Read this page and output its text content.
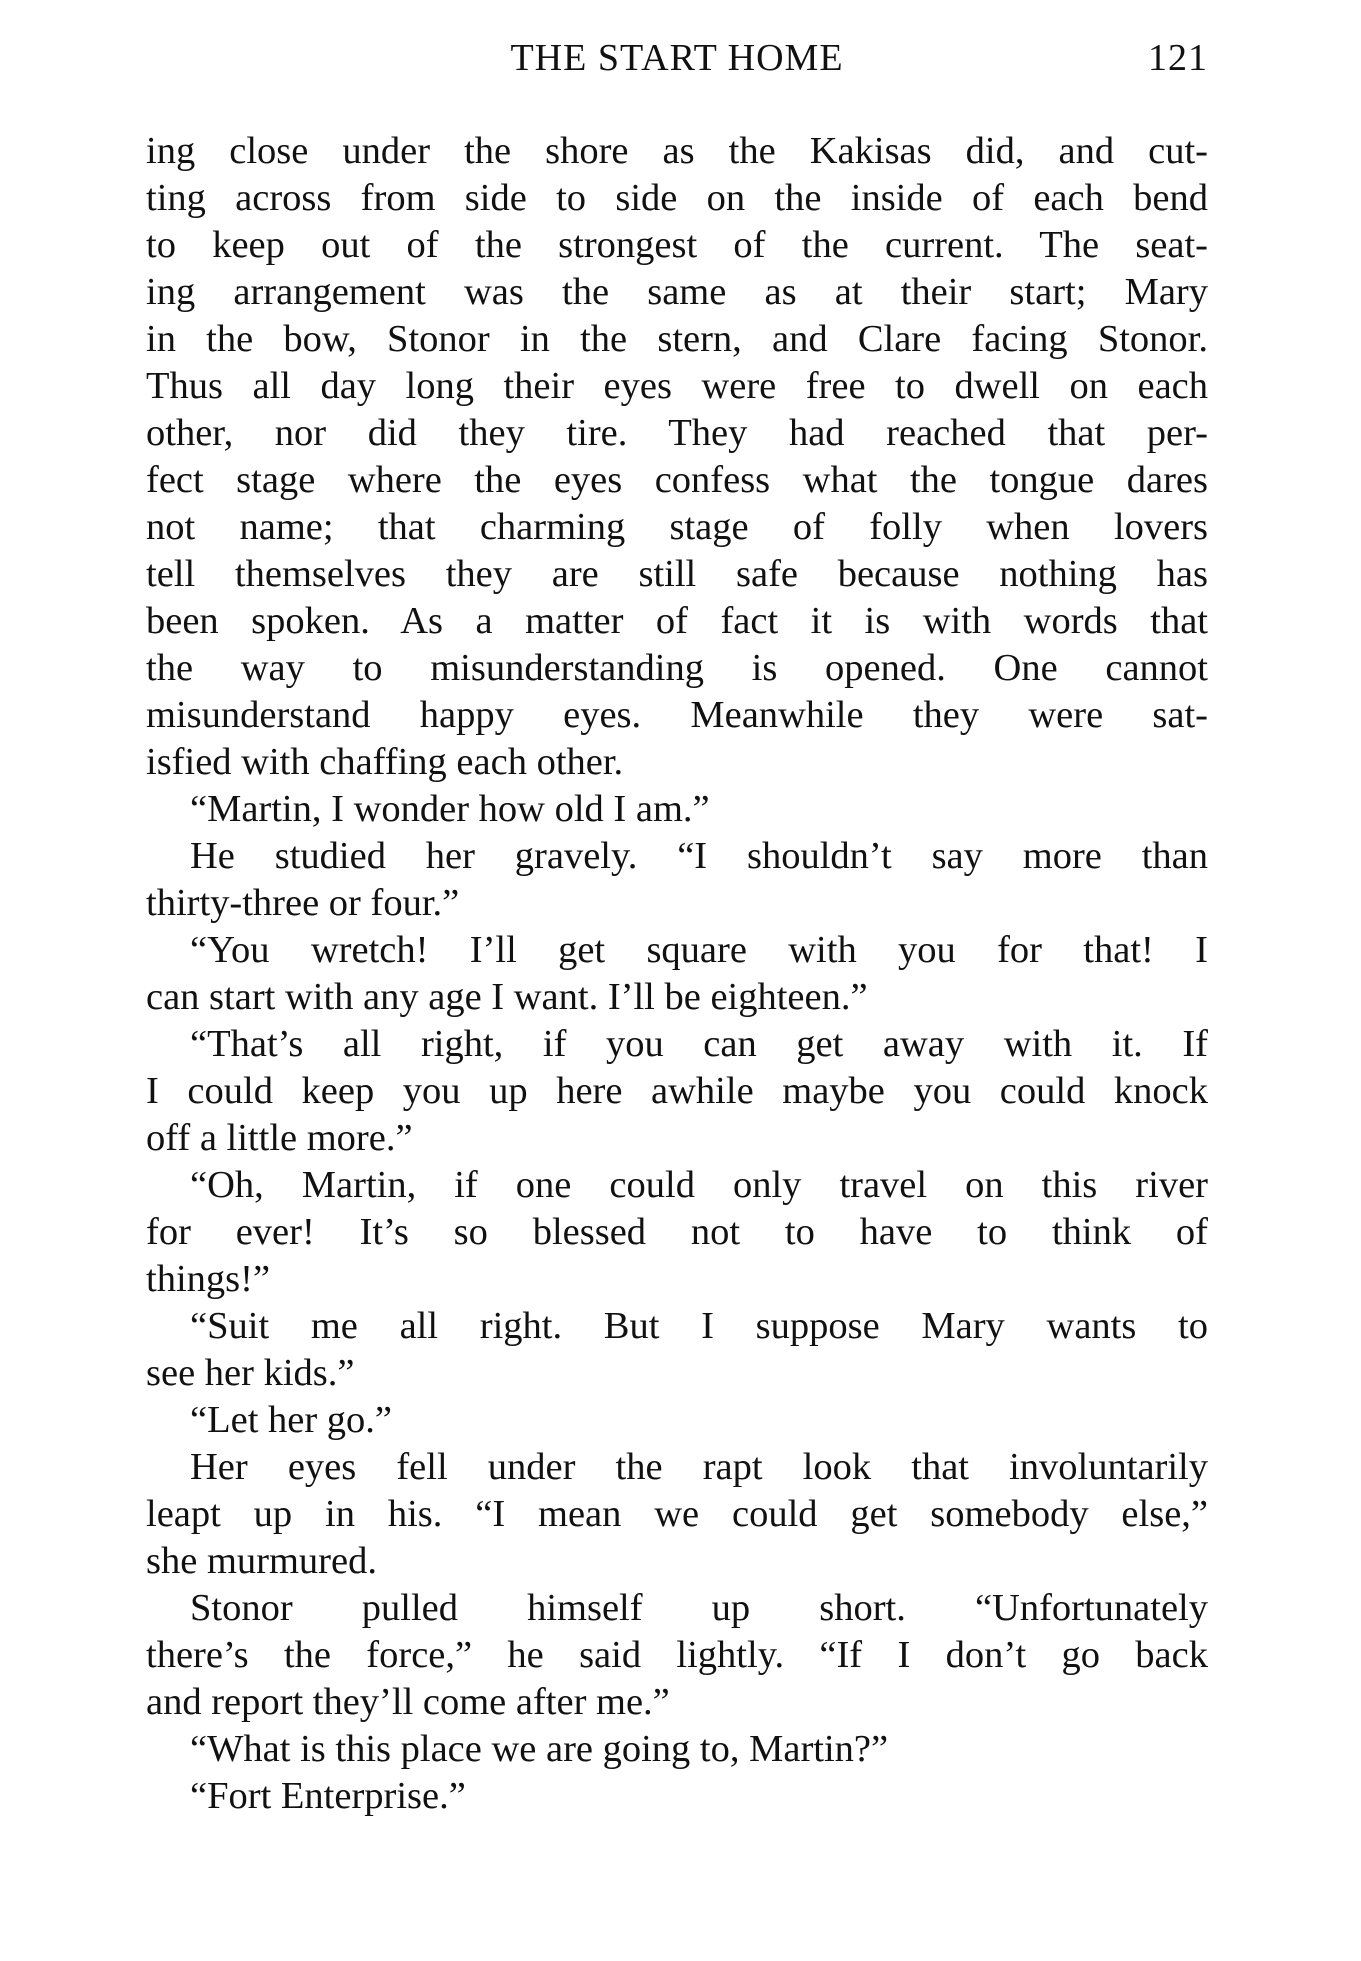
THE START HOME	121
ing close under the shore as the Kakisas did, and cut-
ting across from side to side on the inside of each bend
to keep out of the strongest of the current. The seat-
ing arrangement was the same as at their start; Mary
in the bow, Stonor in the stern, and Clare facing Stonor.
Thus all day long their eyes were free to dwell on each
other, nor did they tire. They had reached that per-
fect stage where the eyes confess what the tongue dares
not name; that charming stage of folly when lovers
tell themselves they are still safe because nothing has
been spoken. As a matter of fact it is with words that
the way to misunderstanding is opened. One cannot
misunderstand happy eyes. Meanwhile they were sat-
isfied with chaffing each other.
“Martin, I wonder how old I am.”
He studied her gravely. “I shouldn’t say more than
thirty-three or four.”
“You wretch! I’ll get square with you for that! I
can start with any age I want. I’ll be eighteen.”
“That’s all right, if you can get away with it. If
I could keep you up here awhile maybe you could knock
off a little more.”
“Oh, Martin, if one could only travel on this river
for ever! It’s so blessed not to have to think of
things!”
“Suit me all right. But I suppose Mary wants to
see her kids.”
“Let her go.”
Her eyes fell under the rapt look that involuntarily
leapt up in his. “I mean we could get somebody else,”
she murmured.
Stonor pulled himself up short. “Unfortunately
there’s the force,” he said lightly. “If I don’t go back
and report they’ll come after me.”
“What is this place we are going to, Martin?”
“Fort Enterprise.”
